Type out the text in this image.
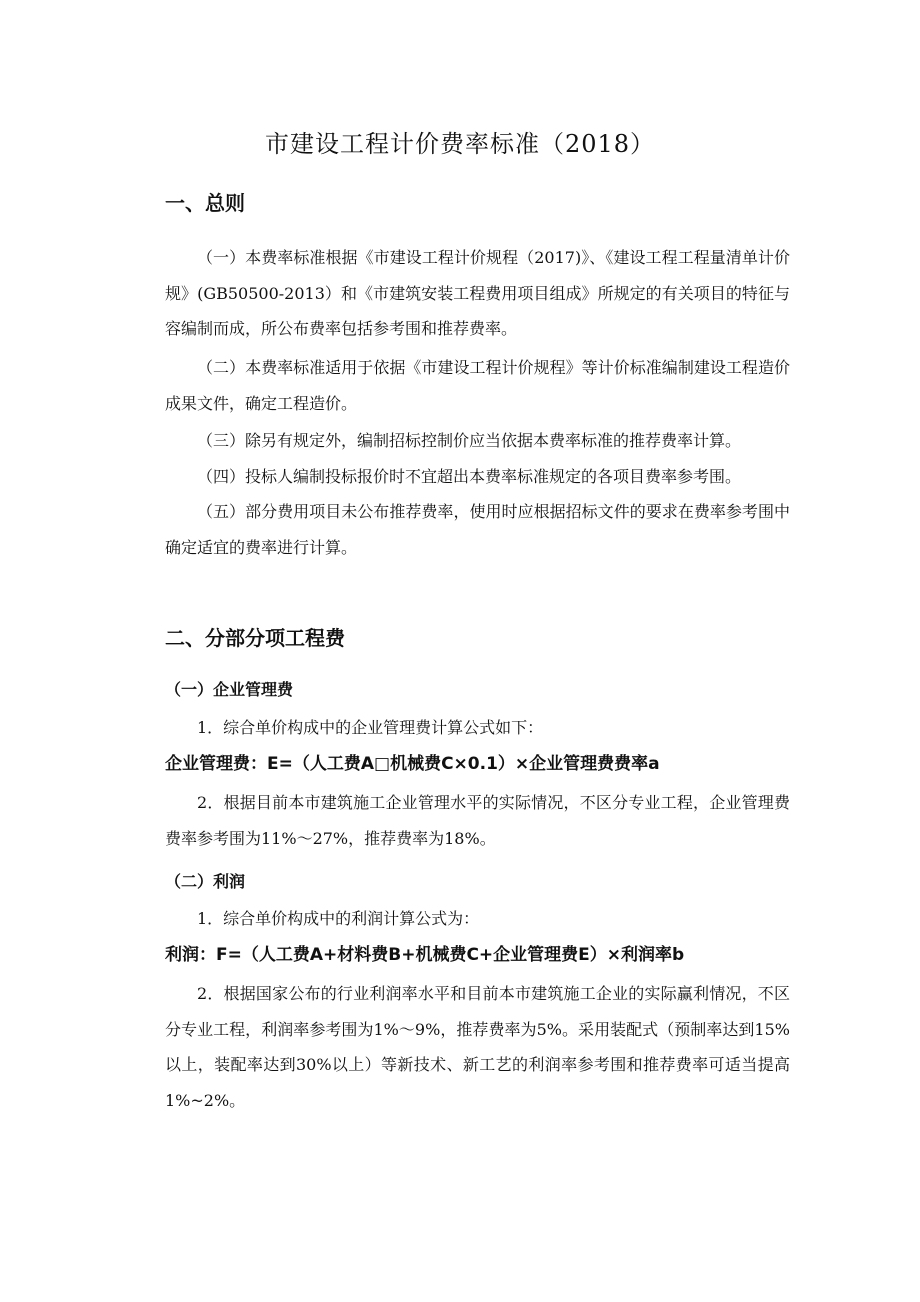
市建设工程计价费率标准（2018）
一、总则
（一）本费率标准根据《市建设工程计价规程（2017)》、《建设工程工程量清单计价规》(GB50500-2013）和《市建筑安装工程费用项目组成》所规定的有关项目的特征与容编制而成，所公布费率包括参考围和推荐费率。
（二）本费率标准适用于依据《市建设工程计价规程》等计价标准编制建设工程造价成果文件，确定工程造价。
（三）除另有规定外，编制招标控制价应当依据本费率标准的推荐费率计算。
（四）投标人编制投标报价时不宜超出本费率标准规定的各项目费率参考围。
（五）部分费用项目未公布推荐费率，使用时应根据招标文件的要求在费率参考围中确定适宜的费率进行计算。
二、分部分项工程费
（一）企业管理费
1．综合单价构成中的企业管理费计算公式如下：
企业管理费：E=（人工费A□机械费C×0.1）×企业管理费费率a
2．根据目前本市建筑施工企业管理水平的实际情况，不区分专业工程，企业管理费费率参考围为11%～27%，推荐费率为18%。
（二）利润
1．综合单价构成中的利润计算公式为：
利润：F=（人工费A+材料费B+机械费C+企业管理费E）×利润率b
2．根据国家公布的行业利润率水平和目前本市建筑施工企业的实际赢利情况，不区分专业工程，利润率参考围为1%～9%，推荐费率为5%。采用装配式（预制率达到15%以上，装配率达到30%以上）等新技术、新工艺的利润率参考围和推荐费率可适当提高1%~2%。
